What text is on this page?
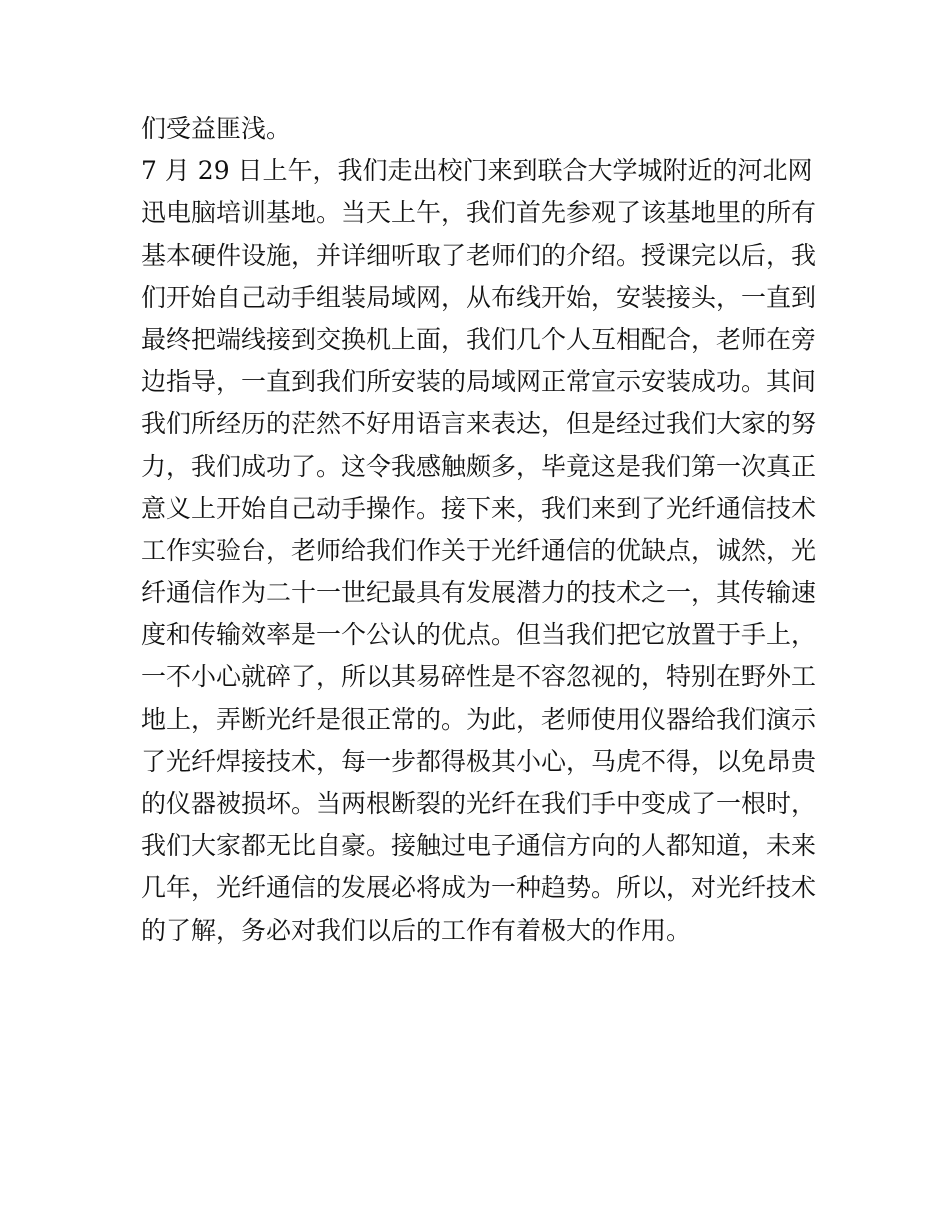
们受益匪浅。
7 月 29 日上午，我们走出校门来到联合大学城附近的河北网
迅电脑培训基地。当天上午，我们首先参观了该基地里的所有
基本硬件设施，并详细听取了老师们的介绍。授课完以后，我
们开始自己动手组装局域网，从布线开始，安装接头，一直到
最终把端线接到交换机上面，我们几个人互相配合，老师在旁
边指导，一直到我们所安装的局域网正常宣示安装成功。其间
我们所经历的茫然不好用语言来表达，但是经过我们大家的努
力，我们成功了。这令我感触颇多，毕竟这是我们第一次真正
意义上开始自己动手操作。接下来，我们来到了光纤通信技术
工作实验台，老师给我们作关于光纤通信的优缺点，诚然，光
纤通信作为二十一世纪最具有发展潜力的技术之一，其传输速
度和传输效率是一个公认的优点。但当我们把它放置于手上，
一不小心就碎了，所以其易碎性是不容忽视的，特别在野外工
地上，弄断光纤是很正常的。为此，老师使用仪器给我们演示
了光纤焊接技术，每一步都得极其小心，马虎不得，以免昂贵
的仪器被损坏。当两根断裂的光纤在我们手中变成了一根时，
我们大家都无比自豪。接触过电子通信方向的人都知道，未来
几年，光纤通信的发展必将成为一种趋势。所以，对光纤技术
的了解，务必对我们以后的工作有着极大的作用。
